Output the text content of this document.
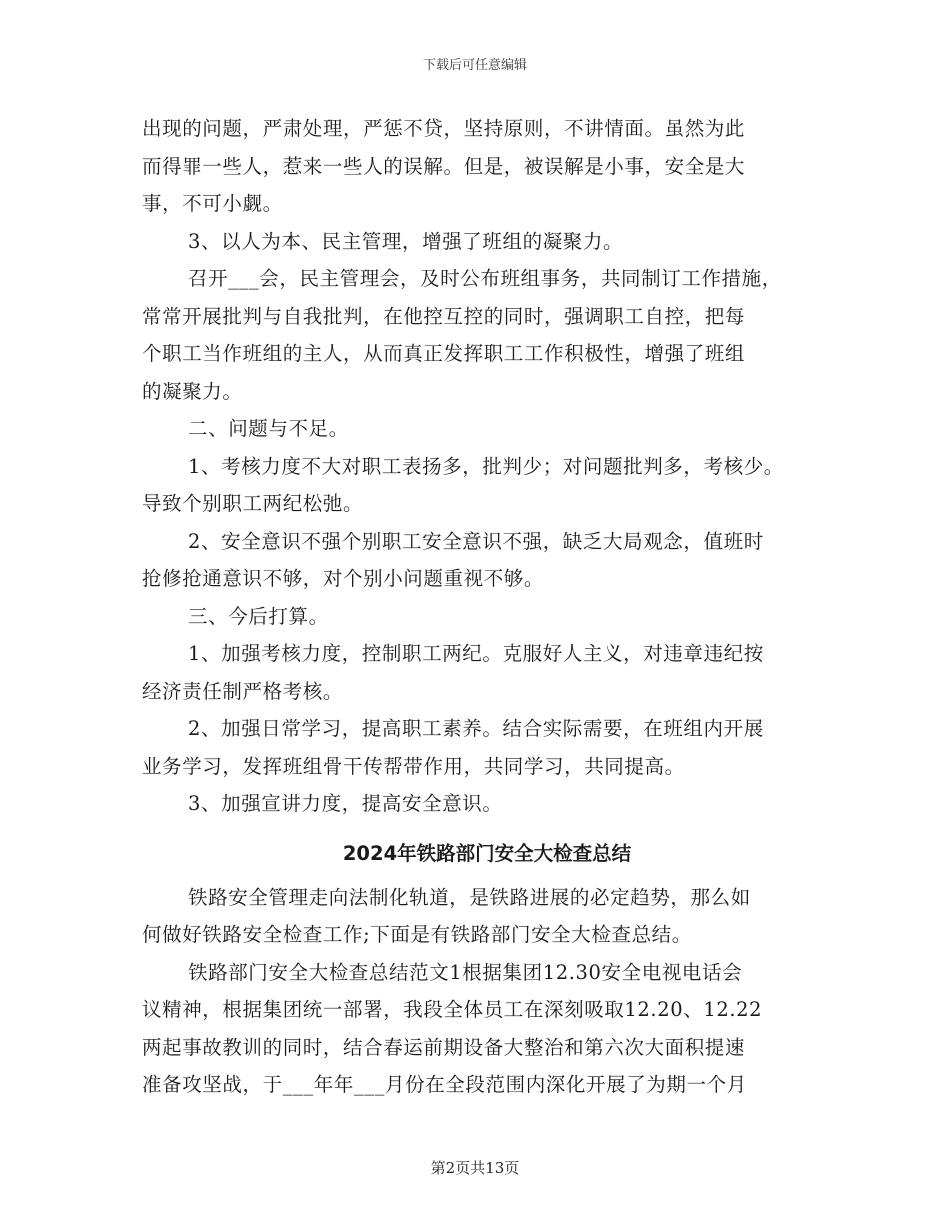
下载后可任意编辑
出现的问题，严肃处理，严惩不贷，坚持原则，不讲情面。虽然为此
而得罪一些人，惹来一些人的误解。但是，被误解是小事，安全是大
事，不可小觑。
3、以人为本、民主管理，增强了班组的凝聚力。
召开___会，民主管理会，及时公布班组事务，共同制订工作措施，
常常开展批判与自我批判，在他控互控的同时，强调职工自控，把每
个职工当作班组的主人，从而真正发挥职工工作积极性，增强了班组
的凝聚力。
二、问题与不足。
1、考核力度不大对职工表扬多，批判少；对问题批判多，考核少。
导致个别职工两纪松弛。
2、安全意识不强个别职工安全意识不强，缺乏大局观念，值班时
抢修抢通意识不够，对个别小问题重视不够。
三、今后打算。
1、加强考核力度，控制职工两纪。克服好人主义，对违章违纪按
经济责任制严格考核。
2、加强日常学习，提高职工素养。结合实际需要，在班组内开展
业务学习，发挥班组骨干传帮带作用，共同学习，共同提高。
3、加强宣讲力度，提高安全意识。
2024年铁路部门安全大检查总结
铁路安全管理走向法制化轨道，是铁路进展的必定趋势，那么如
何做好铁路安全检查工作;下面是有铁路部门安全大检查总结。
铁路部门安全大检查总结范文1根据集团12.30安全电视电话会
议精神，根据集团统一部署，我段全体员工在深刻吸取12.20、12.22
两起事故教训的同时，结合春运前期设备大整治和第六次大面积提速
准备攻坚战，于___年年___月份在全段范围内深化开展了为期一个月
第2页共13页
